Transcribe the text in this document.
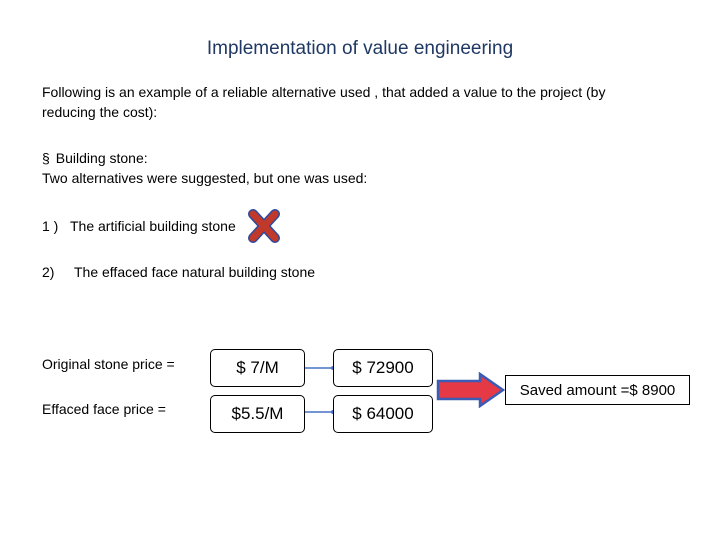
Implementation of value engineering
Following is an example of a reliable alternative used , that added a value to the project (by
reducing the cost):
§ Building stone:
Two alternatives were suggested, but one was used:
1 ) The artificial building stone
2) The effaced face natural building stone
Original stone price =
Effaced face price =
$ 7/M	$ 72900
$5.5/M	$ 64000
Saved amount =$ 8900
